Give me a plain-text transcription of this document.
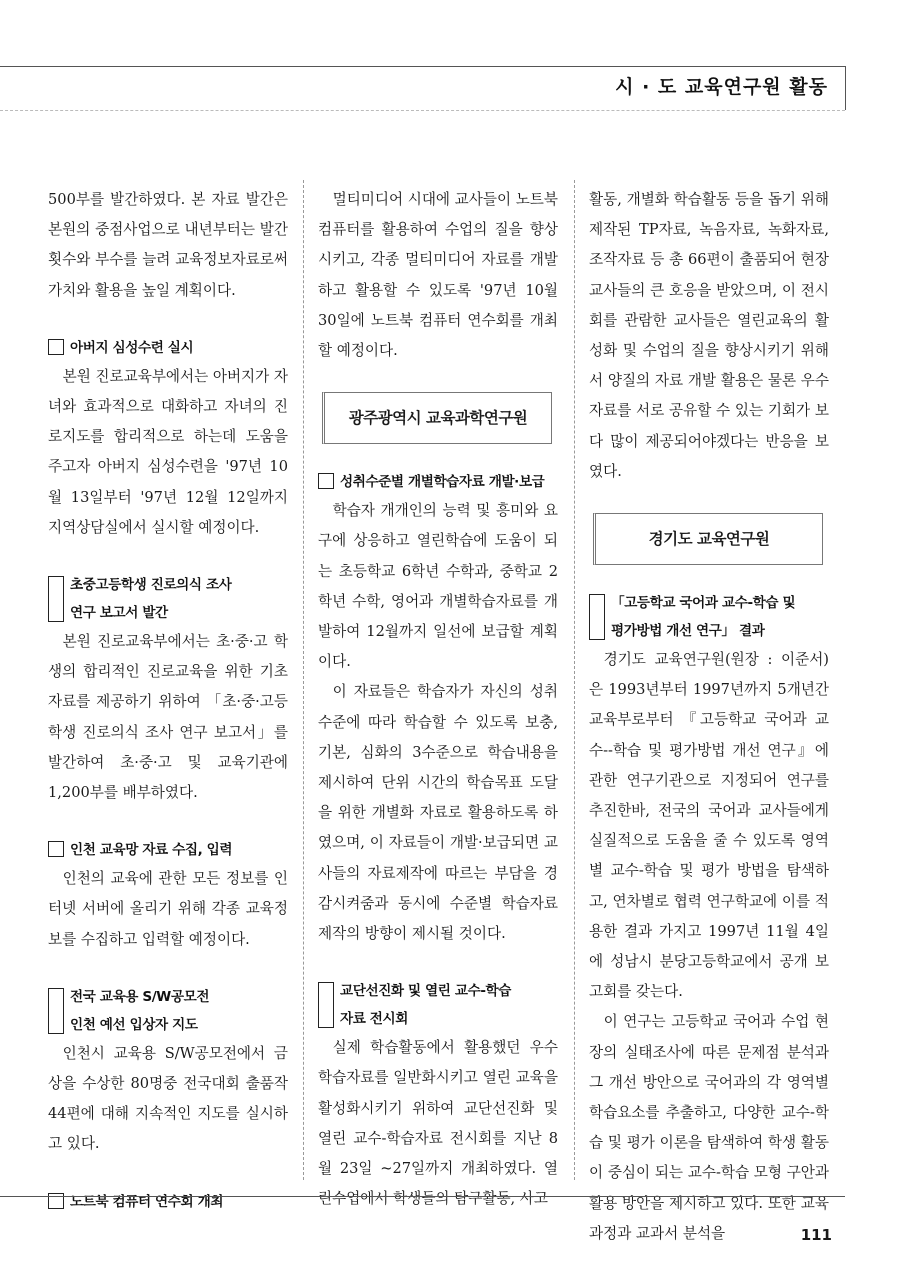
시 · 도 교육연구원 활동

500부를 발간하였다. 본 자료 발간은 본원의 중점사업으로 내년부터는 발간횟수와 부수를 늘려 교육정보자료로써 가치와 활용을 높일 계획이다.

아버지 심성수련 실시

본원 진로교육부에서는 아버지가 자녀와 효과적으로 대화하고 자녀의 진로지도를 합리적으로 하는데 도움을 주고자 아버지 심성수련을 '97년 10월 13일부터 '97년 12월 12일까지 지역상담실에서 실시할 예정이다.

초중고등학생 진로의식 조사
연구 보고서 발간

본원 진로교육부에서는 초·중·고 학생의 합리적인 진로교육을 위한 기초자료를 제공하기 위하여 「초·중·고등학생 진로의식 조사 연구 보고서」를 발간하여 초·중·고 및 교육기관에 1,200부를 배부하였다.

인천 교육망 자료 수집, 입력

인천의 교육에 관한 모든 정보를 인터넷 서버에 올리기 위해 각종 교육정보를 수집하고 입력할 예정이다.

전국 교육용 S/W공모전
인천 예선 입상자 지도

인천시 교육용 S/W공모전에서 금상을 수상한 80명중 전국대회 출품작 44편에 대해 지속적인 지도를 실시하고 있다.

노트북 컴퓨터 연수회 개최

멀티미디어 시대에 교사들이 노트북 컴퓨터를 활용하여 수업의 질을 향상시키고, 각종 멀티미디어 자료를 개발하고 활용할 수 있도록 '97년 10월 30일에 노트북 컴퓨터 연수회를 개최할 예정이다.

광주광역시 교육과학연구원
성취수준별 개별학습자료 개발·보급

학습자 개개인의 능력 및 흥미와 요구에 상응하고 열린학습에 도움이 되는 초등학교 6학년 수학과, 중학교 2학년 수학, 영어과 개별학습자료를 개발하여 12월까지 일선에 보급할 계획이다.

이 자료들은 학습자가 자신의 성취 수준에 따라 학습할 수 있도록 보충, 기본, 심화의 3수준으로 학습내용을 제시하여 단위 시간의 학습목표 도달을 위한 개별화 자료로 활용하도록 하였으며, 이 자료들이 개발·보급되면 교사들의 자료제작에 따르는 부담을 경감시켜줌과 동시에 수준별 학습자료 제작의 방향이 제시될 것이다.

교단선진화 및 열린 교수-학습
자료 전시회

실제 학습활동에서 활용했던 우수 학습자료를 일반화시키고 열린 교육을 활성화시키기 위하여 교단선진화 및 열린 교수-학습자료 전시회를 지난 8월 23일 ~27일까지 개최하였다. 열린수업에서 학생들의 탐구활동, 사고

활동, 개별화 학습활동 등을 돕기 위해 제작된 TP자료, 녹음자료, 녹화자료, 조작자료 등 총 66편이 출품되어 현장 교사들의 큰 호응을 받았으며, 이 전시회를 관람한 교사들은 열린교육의 활성화 및 수업의 질을 향상시키기 위해서 양질의 자료 개발 활용은 물론 우수 자료를 서로 공유할 수 있는 기회가 보다 많이 제공되어야겠다는 반응을 보였다.

경기도 교육연구원
「고등학교 국어과 교수-학습 및
평가방법 개선 연구」 결과

경기도 교육연구원(원장 : 이준서)은 1993년부터 1997년까지 5개년간 교육부로부터 『고등학교 국어과 교수--학습 및 평가방법 개선 연구』에 관한 연구기관으로 지정되어 연구를 추진한바, 전국의 국어과 교사들에게 실질적으로 도움을 줄 수 있도록 영역별 교수-학습 및 평가 방법을 탐색하고, 연차별로 협력 연구학교에 이를 적용한 결과 가지고 1997년 11월 4일에 성남시 분당고등학교에서 공개 보고회를 갖는다.

이 연구는 고등학교 국어과 수업 현장의 실태조사에 따른 문제점 분석과 그 개선 방안으로 국어과의 각 영역별 학습요소를 추출하고, 다양한 교수-학습 및 평가 이론을 탐색하여 학생 활동이 중심이 되는 교수-학습 모형 구안과 활용 방안을 제시하고 있다. 또한 교육과정과 교과서 분석을	111
